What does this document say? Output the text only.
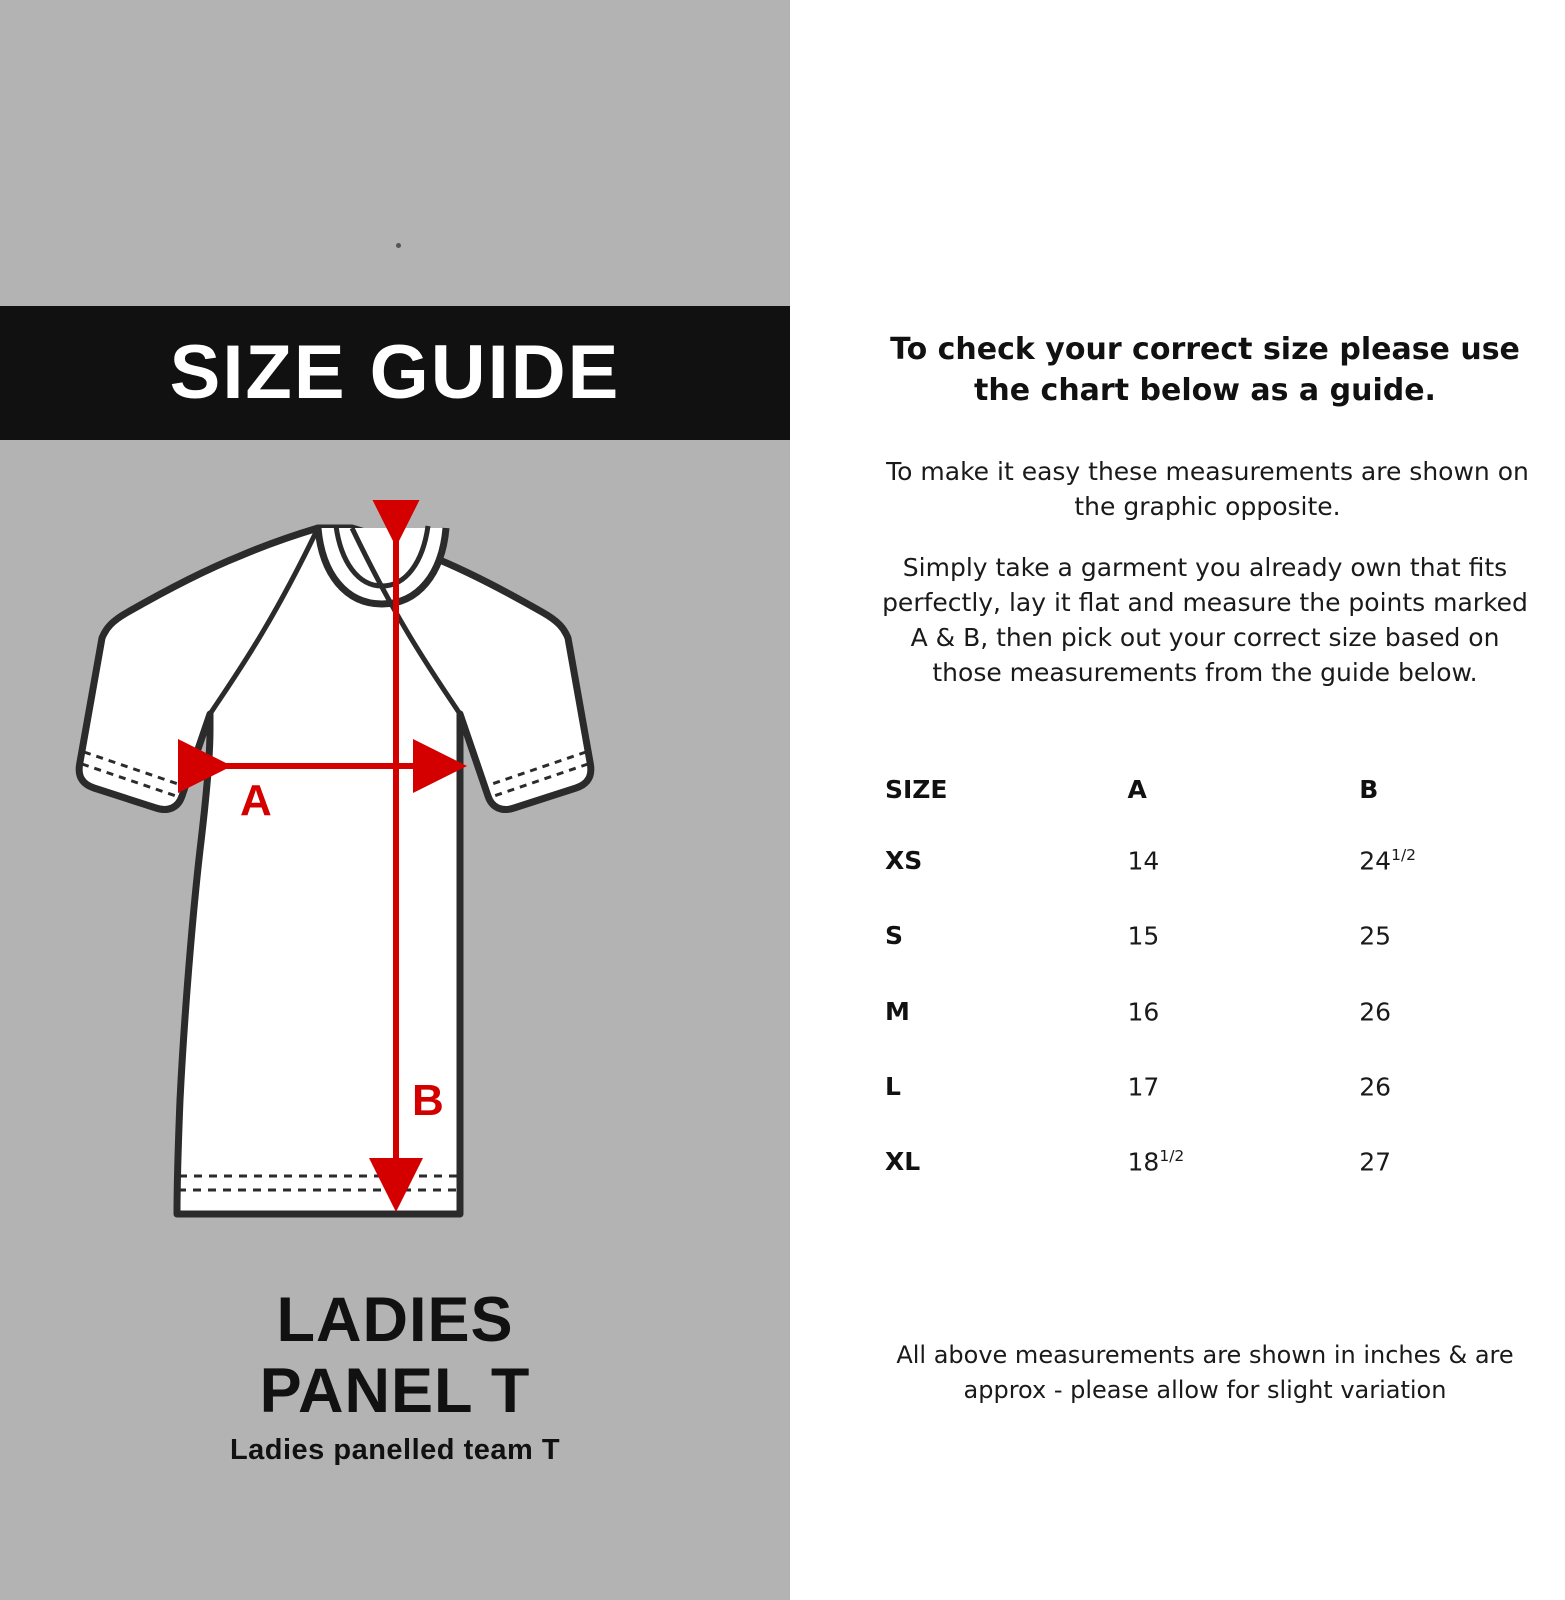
SIZE GUIDE
A
B
LADIES
PANEL T
Ladies panelled team T
To check your correct size please use the chart below as a guide.
To make it easy these measurements are shown on the graphic opposite.
Simply take a garment you already own that fits perfectly, lay it flat and measure the points marked A & B, then pick out your correct size based on those measurements from the guide below.
SIZE	A	B
XS	14	$24^{1/2}$
S	15	25
M	16	26
L	17	26
XL	$18^{1/2}$	27
All above measurements are shown in inches & are approx - please allow for slight variation
